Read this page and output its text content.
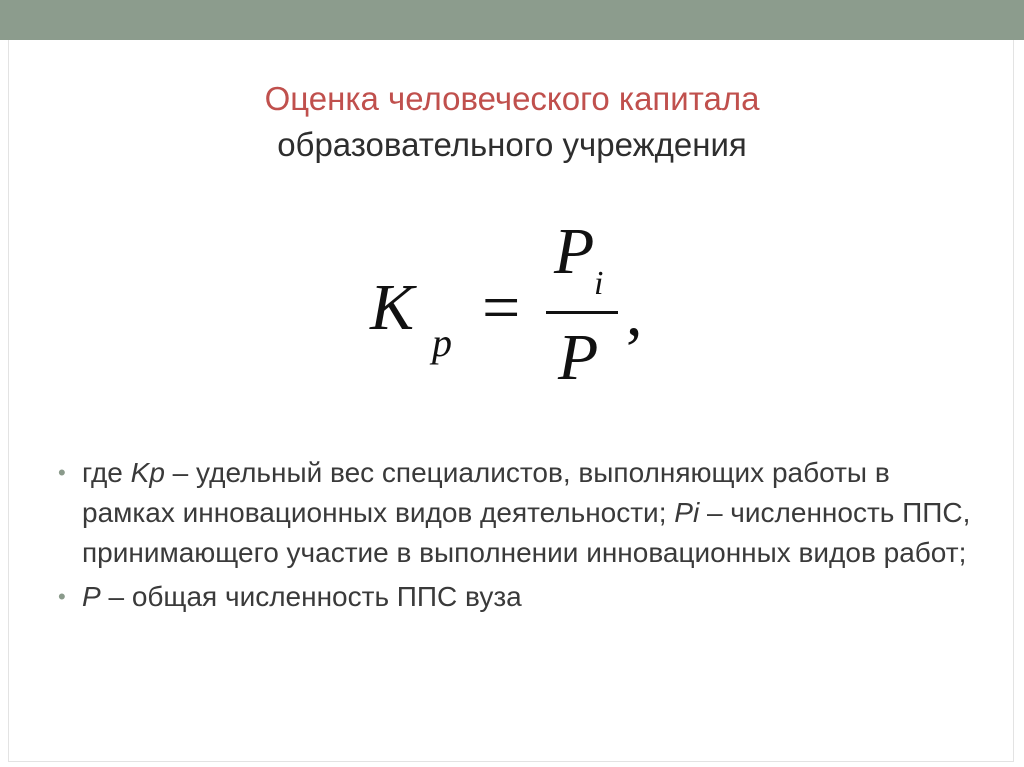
Оценка человеческого капитала
образовательного учреждения
K p =
P i
P
,
• где Kp – удельный вес специалистов, выполняющих работы в рамках инновационных видов деятельности; Pi – численность ППС, принимающего участие в выполнении инновационных видов работ;
• P – общая численность ППС вуза
